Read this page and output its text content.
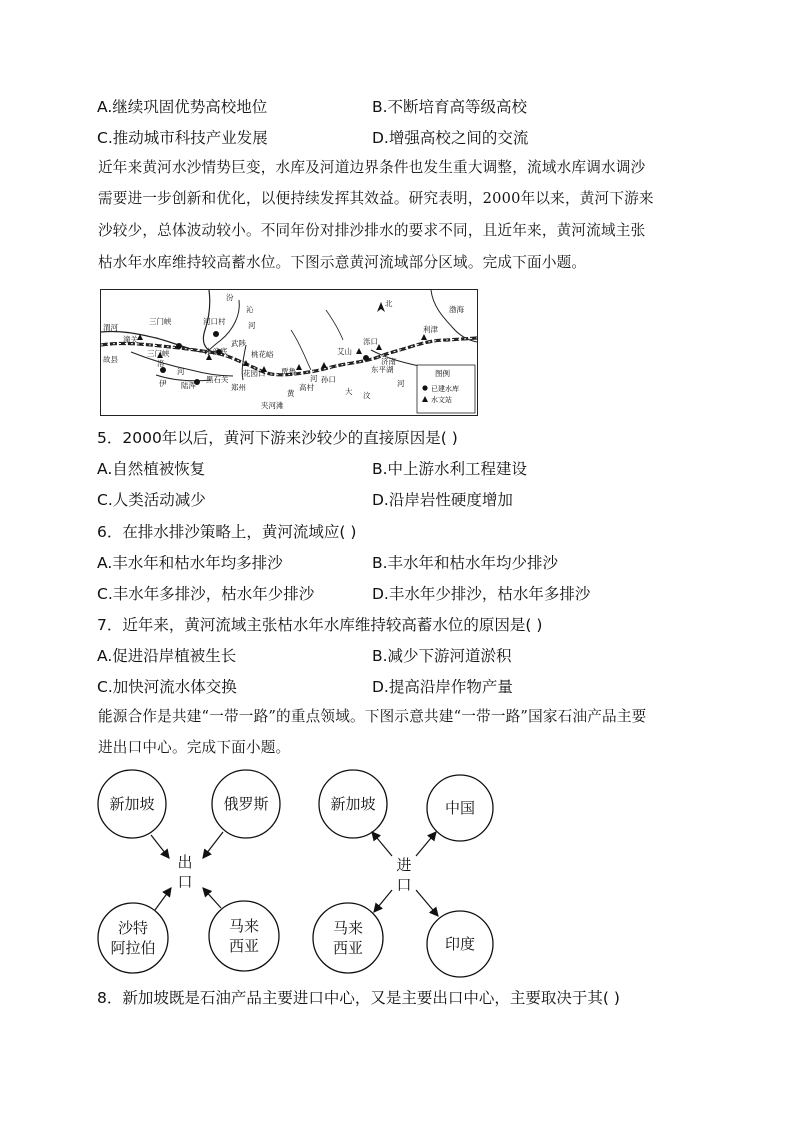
A.继续巩固优势高校地位	B.不断培育高等级高校
C.推动城市科技产业发展	D.增强高校之间的交流
近年来黄河水沙情势巨变，水库及河道边界条件也发生重大调整，流域水库调水调沙
需要进一步创新和优化，以便持续发挥其效益。研究表明，2000年以来，黄河下游来
沙较少，总体波动较小。不同年份对排沙排水的要求不同，且近年来，黄河流域主张
枯水年水库维持较高蓄水位。下图示意黄河流域部分区域。完成下面小题。
汾
沁
河
渭河
潼关
三门峡	河口村
三门峡	小浪底
故县	洛
河
伊 陆浑
黑石关
武陟
桃花峪
花园口
郑州
夹河滩
贾鲁
高村
孙口
黄
河
大 汶
河
东平湖
艾山
泺口
济南
利津
渤海
北
图例
已建水库
水文站
5．2000年以后，黄河下游来沙较少的直接原因是( )
A.自然植被恢复	B.中上游水利工程建设
C.人类活动减少	D.沿岸岩性硬度增加
6．在排水排沙策略上，黄河流域应( )
A.丰水年和枯水年均多排沙	B.丰水年和枯水年均少排沙
C.丰水年多排沙，枯水年少排沙	D.丰水年少排沙，枯水年多排沙
7．近年来，黄河流域主张枯水年水库维持较高蓄水位的原因是( )
A.促进沿岸植被生长	B.减少下游河道淤积
C.加快河流水体交换	D.提高沿岸作物产量
能源合作是共建“一带一路”的重点领域。下图示意共建“一带一路”国家石油产品主要
进出口中心。完成下面小题。
新加坡	俄罗斯
沙特
阿拉伯
马来
西亚
出
口
新加坡	中国
马来
西亚	印度
进
口
8．新加坡既是石油产品主要进口中心，又是主要出口中心，主要取决于其( )
